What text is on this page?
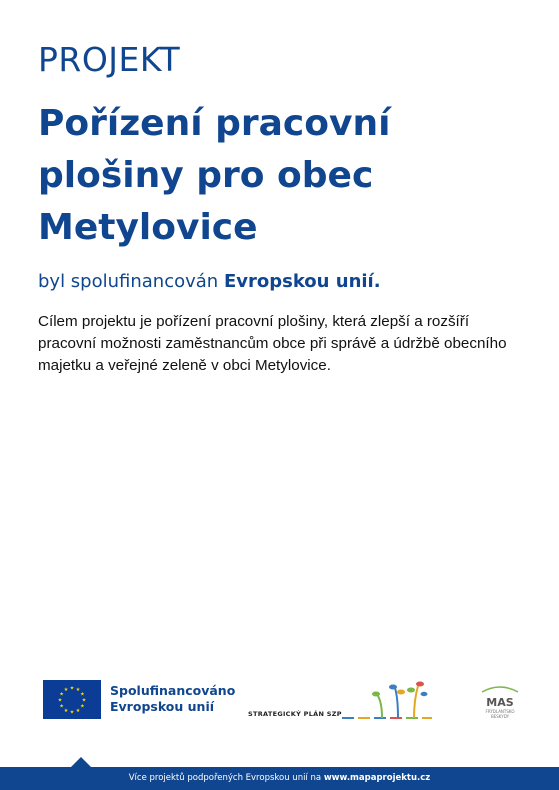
PROJEKT
Pořízení pracovní plošiny pro obec Metylovice
byl spolufinancován Evropskou unií.

Cílem projektu je pořízení pracovní plošiny, která zlepší a rozšíří pracovní možnosti zaměstnancům obce při správě a údržbě obecního majetku a veřejné zeleně v obci Metylovice.

★ ★
★
★
★
★
★
★
★
★
★
★	Spolufinancováno
Evropskou unií	STRATEGICKÝ PLÁN SZP
MAS
FRÝDLANTSKO
BESKYDY
Více projektů podpořených Evropskou unií na www.mapaprojektu.cz
